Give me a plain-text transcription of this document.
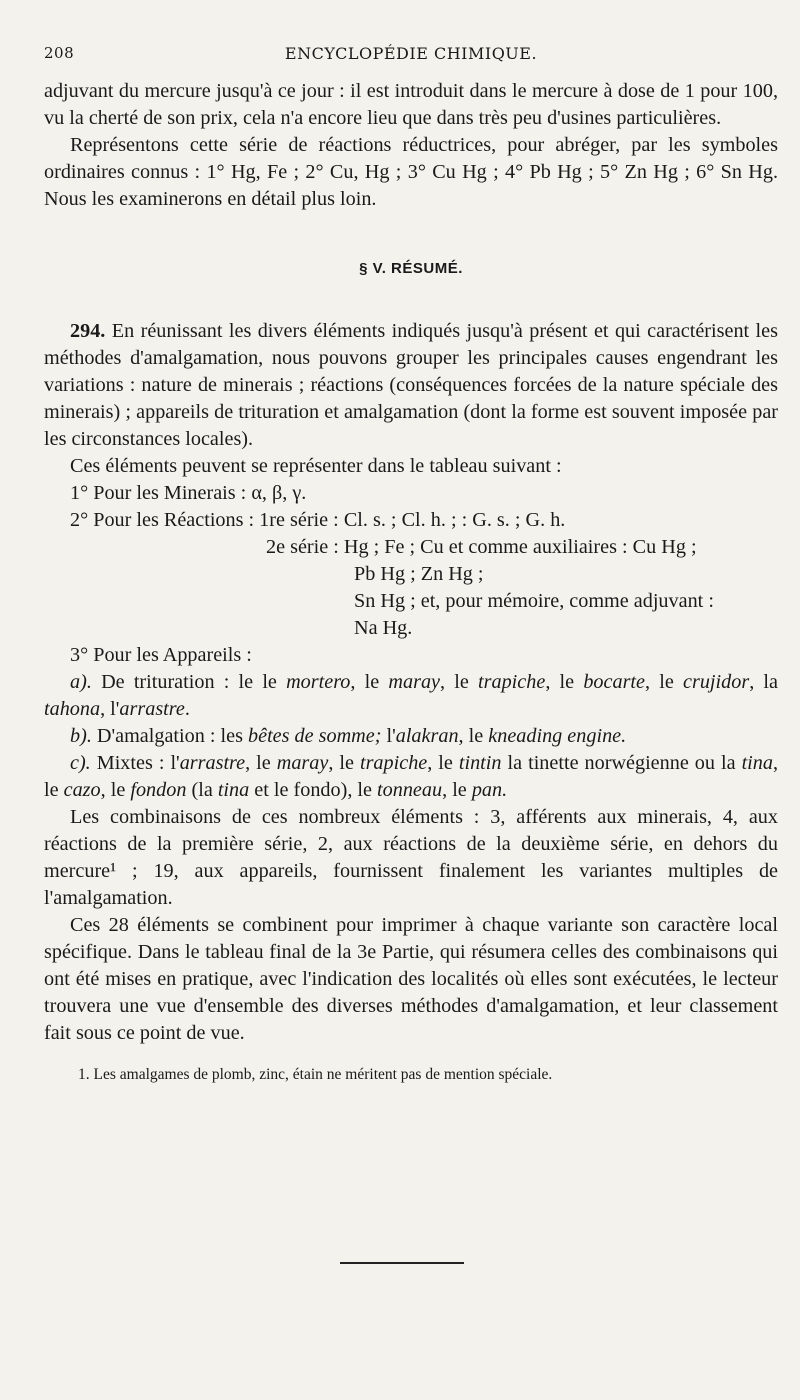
208	ENCYCLOPÉDIE CHIMIQUE.

adjuvant du mercure jusqu'à ce jour : il est introduit dans le mercure à dose de 1 pour 100, vu la cherté de son prix, cela n'a encore lieu que dans très peu d'usines particulières.

Représentons cette série de réactions réductrices, pour abréger, par les symboles ordinaires connus : 1° Hg, Fe ; 2° Cu, Hg ; 3° Cu Hg ; 4° Pb Hg ; 5° Zn Hg ; 6° Sn Hg. Nous les examinerons en détail plus loin.

§ V. RÉSUMÉ.

294. En réunissant les divers éléments indiqués jusqu'à présent et qui caractérisent les méthodes d'amalgamation, nous pouvons grouper les principales causes engendrant les variations : nature de minerais ; réactions (conséquences forcées de la nature spéciale des minerais) ; appareils de trituration et amalgamation (dont la forme est souvent imposée par les circonstances locales).

Ces éléments peuvent se représenter dans le tableau suivant :

1° Pour les Minerais : α, β, γ.

2° Pour les Réactions : 1re série : Cl. s. ; Cl. h. ; : G. s. ; G. h.

2e série : Hg ; Fe ; Cu et comme auxiliaires : Cu Hg ;

Pb Hg ; Zn Hg ;

Sn Hg ; et, pour mémoire, comme adjuvant :

Na Hg.

3° Pour les Appareils :

a). De trituration : le le mortero, le maray, le trapiche, le bocarte, le crujidor, la tahona, l'arrastre.

b). D'amalgation : les bêtes de somme; l'alakran, le kneading engine.

c). Mixtes : l'arrastre, le maray, le trapiche, le tintin la tinette norwégienne ou la tina, le cazo, le fondon (la tina et le fondo), le tonneau, le pan.

Les combinaisons de ces nombreux éléments : 3, afférents aux minerais, 4, aux réactions de la première série, 2, aux réactions de la deuxième série, en dehors du mercure¹ ; 19, aux appareils, fournissent finalement les variantes multiples de l'amalgamation.

Ces 28 éléments se combinent pour imprimer à chaque variante son caractère local spécifique. Dans le tableau final de la 3e Partie, qui résumera celles des combinaisons qui ont été mises en pratique, avec l'indication des localités où elles sont exécutées, le lecteur trouvera une vue d'ensemble des diverses méthodes d'amalgamation, et leur classement fait sous ce point de vue.

1. Les amalgames de plomb, zinc, étain ne méritent pas de mention spéciale.
